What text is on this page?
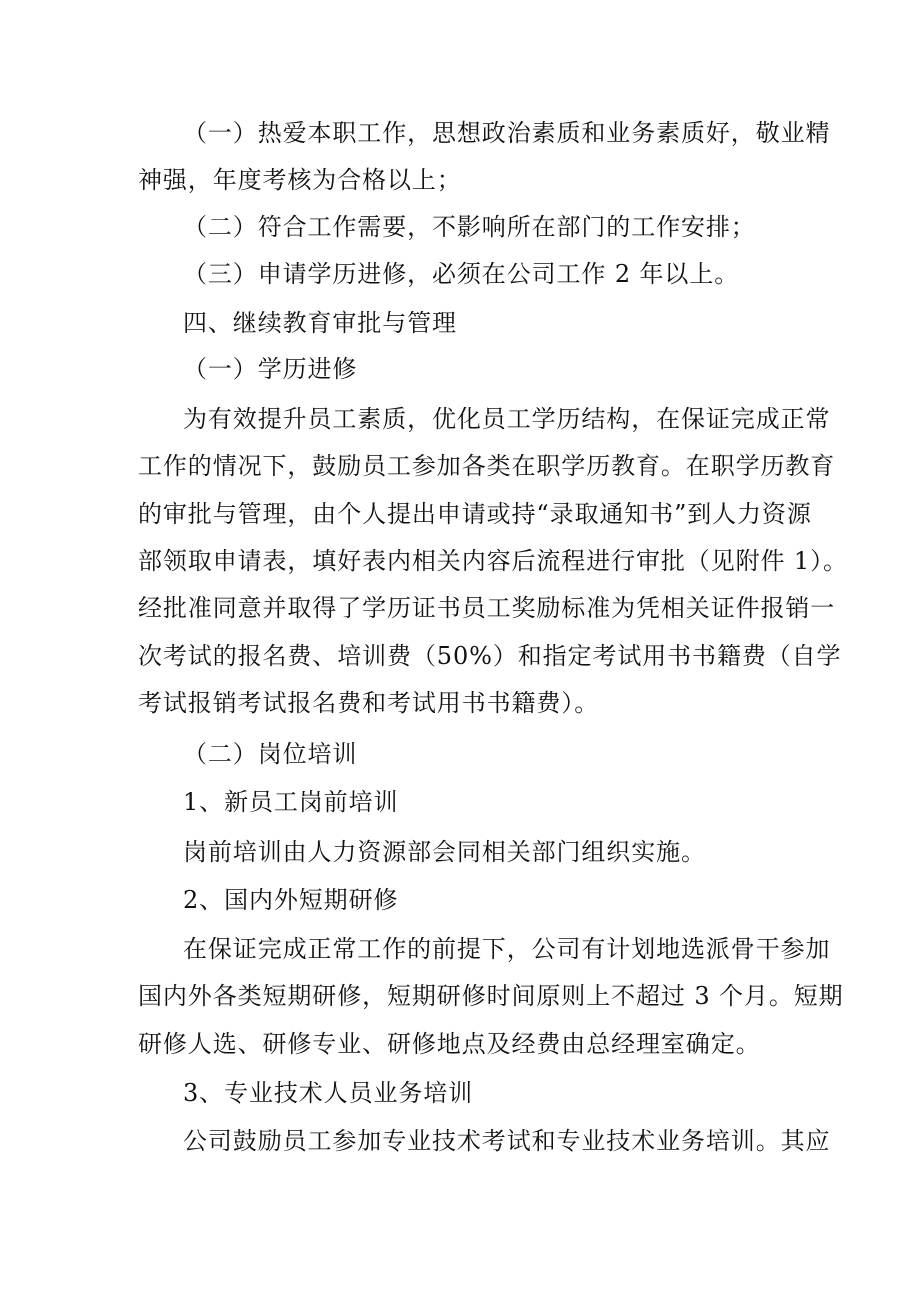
（一）热爱本职工作，思想政治素质和业务素质好，敬业精

神强，年度考核为合格以上；

（二）符合工作需要，不影响所在部门的工作安排；

（三）申请学历进修，必须在公司工作 2 年以上。

四、继续教育审批与管理

（一）学历进修

为有效提升员工素质，优化员工学历结构，在保证完成正常

工作的情况下，鼓励员工参加各类在职学历教育。在职学历教育

的审批与管理，由个人提出申请或持“录取通知书”到人力资源

部领取申请表，填好表内相关内容后流程进行审批（见附件 1）。

经批准同意并取得了学历证书员工奖励标准为凭相关证件报销一

次考试的报名费、培训费（50%）和指定考试用书书籍费（自学

考试报销考试报名费和考试用书书籍费）。

（二）岗位培训

1、新员工岗前培训

岗前培训由人力资源部会同相关部门组织实施。

2、国内外短期研修

在保证完成正常工作的前提下，公司有计划地选派骨干参加

国内外各类短期研修，短期研修时间原则上不超过 3 个月。短期

研修人选、研修专业、研修地点及经费由总经理室确定。

3、专业技术人员业务培训

公司鼓励员工参加专业技术考试和专业技术业务培训。其应
